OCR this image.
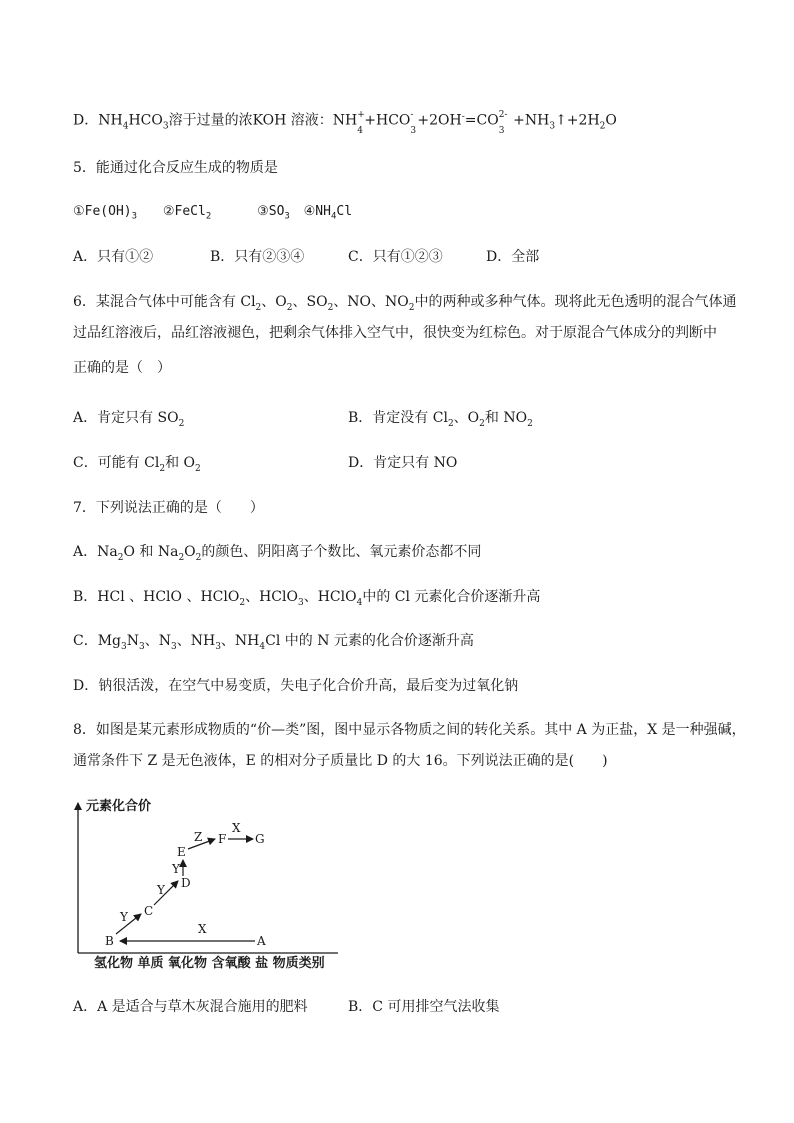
D．$NH_4HCO_3$溶于过量的浓KOH 溶液：NH +
4
+HCO -
3
+2OH-=CO 2-
3
$+NH_3↑+2H_2O$
5．能通过化合反应生成的物质是
$①Fe(OH)_3$ ②FeCl$_2$	$③SO_3$ $④NH_4Cl$
A．只有①②	B．只有②③④	C．只有①②③	D．全部
6．某混合气体中可能含有 $Cl_2$、$O_2$、$SO_2$、NO、$NO_2$中的两种或多种气体。现将此无色透明的混合气体通
过品红溶液后，品红溶液褪色，把剩余气体排入空气中，很快变为红棕色。对于原混合气体成分的判断中
正确的是（　）
A．肯定只有 $SO_2$	B．肯定没有 $Cl_2$、$O_2$和 $NO_2$
C．可能有 $Cl_2$和 $O_2$	D．肯定只有 NO
7．下列说法正确的是（　　）
A．$Na_2O$ 和 $Na_2O_2$的颜色、阴阳离子个数比、氧元素价态都不同
B．HCl 、HClO 、HClO$_2$、HClO$_3$、HClO$_4$中的 Cl 元素化合价逐渐升高
C．$Mg_3N_3$、$N_3$、$NH_3$、$NH_4Cl$ 中的 N 元素的化合价逐渐升高
D．钠很活泼，在空气中易变质，失电子化合价升高，最后变为过氧化钠
8．如图是某元素形成物质的“价—类”图，图中显示各物质之间的转化关系。其中 A 为正盐，X 是一种强碱，
通常条件下 Z 是无色液体，E 的相对分子质量比 D 的大 16。下列说法正确的是(　　)
元素化合价
氢化物 单质 氧化物 含氧酸 盐 物质类别
B
C
D
E
F G
A
X
Y
Y
Y
Z
X
A．A 是适合与草木灰混合施用的肥料	B．C 可用排空气法收集
